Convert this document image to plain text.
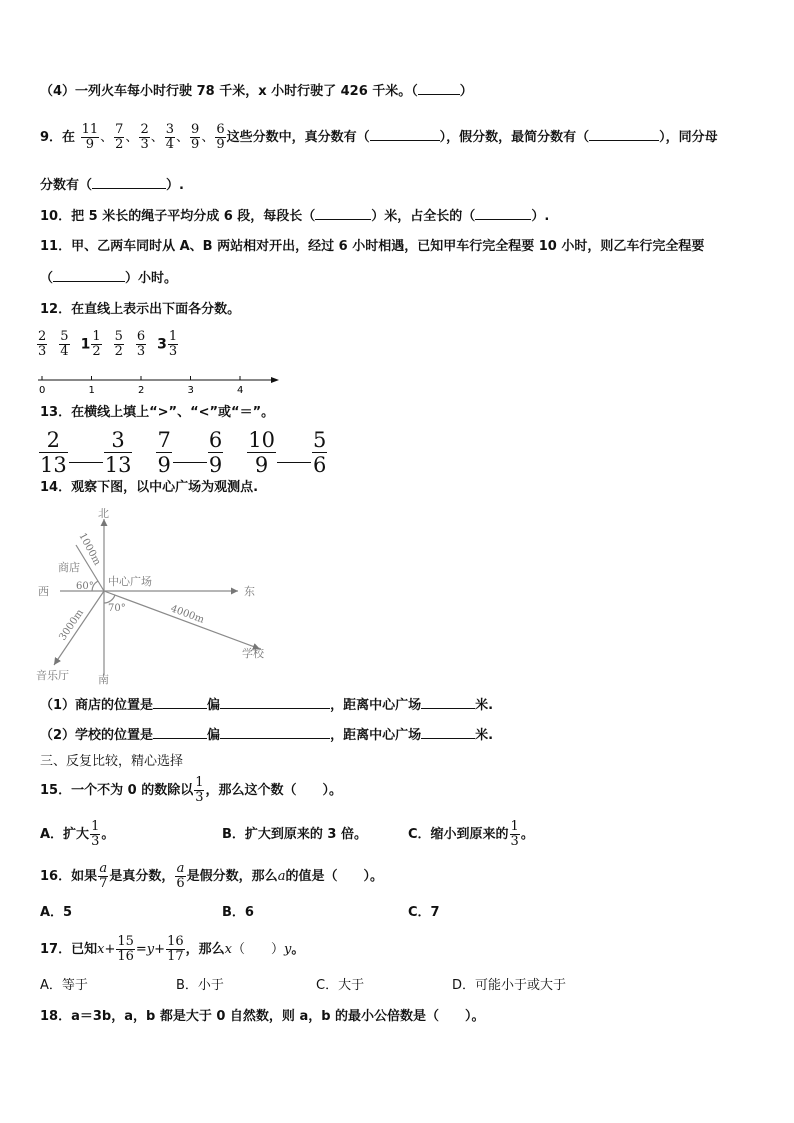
（4）一列火车每小时行驶 78 千米，x 小时行驶了 426 千米。（	）
9．在 $\frac{11}{9}$ 、 $\frac{7}{2}$ 、 $\frac{2}{3}$ 、 $\frac{3}{4}$ 、 $\frac{9}{9}$ 、 $\frac{6}{9}$ 这些分数中，真分数有（	），假分数，最简分数有（	），同分母
分数有（	）.
10．把 5 米长的绳子平均分成 6 段，每段长（	）米，占全长的（	）.
11．甲、乙两车同时从 A、B 两站相对开出，经过 6 小时相遇，已知甲车行完全程要 10 小时，则乙车行完全程要
（	）小时。
12．在直线上表示出下面各分数。
$\frac{2}{3} \frac{5}{4} 1 \frac{1}{2} \frac{5}{2} \frac{6}{3} 3 \frac{1}{3}$
0	1	2	3	4
13．在横线上填上“>”、“<”或“＝”。
$\frac{2}{13} \frac{3}{13} \frac{7}{9} \frac{6}{9} \frac{10}{9} \frac{5}{6}$
14．观察下图，以中心广场为观测点.
北
南
东
西
中心广场
商店
学校
音乐厅
60°
70°
1000m
4000m
3000m
（1）商店的位置是	偏	，距离中心广场	米.
（2）学校的位置是	偏	，距离中心广场	米.
三、反复比较，精心选择
15．一个不为 0 的数除以 $\frac{1}{3}$ ，那么这个数（　　）。
A．扩大 $\frac{1}{3}$ 。	B．扩大到原来的 3 倍。	C．缩小到原来的 $\frac{1}{3}$ 。
16．如果 $\frac{a}{7}$ 是真分数， $\frac{a}{6}$ 是假分数，那么a的值是（　　）。
A．5	B．6	C．7
17．已知$x+ \frac{15}{16} =y+ \frac{16}{17}$ ，那么x（　　）y。
A．等于	B．小于	C．大于	D．可能小于或大于
18．a＝3b，a，b 都是大于 0 自然数，则 a，b 的最小公倍数是（　　）。
